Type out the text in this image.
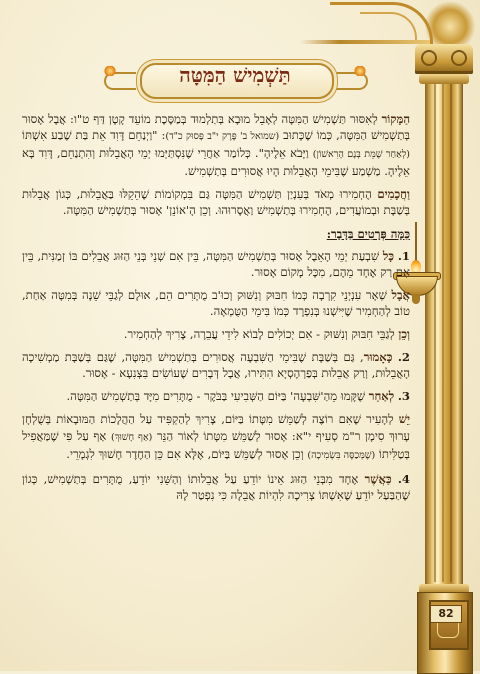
82
תַּשְׁמִישׁ הַמִּטָּה

הַמָּקוֹר לְאִסּוּר תַּשְׁמִישׁ הַמִּטָּה לְאָבֵל מוּבָא בְּתַלְמוּד בְּמַסֶּכֶת מוֹעֵד קָטָן דַּף ט"ו: אֲבָל אָסוּר בְּתַשְׁמִישׁ הַמִּטָּה, כְּמוֹ שֶׁכָּתוּב (שמואל ב' פֶּרֶק י"ב פָּסוּק כ"ד): "וַיְנַחֵם דָּוִד אֵת בַּת שֶׁבַע אִשְׁתּוֹ (לְאַחַר שֶׁמֵּת בְּנָם הָרִאשׁוֹן) וַיָּבֹא אֵלֶיהָ". כְּלוֹמַר אַחֲרֵי שֶׁנִּסְתַּיְּמוּ יְמֵי הָאֲבֵלוּת וְהִתְנַחֵם, דָּוִד בָּא אֵלֶיהָ. מַשְׁמַע שֶׁבִּימֵי הָאֲבֵלוּת הָיוּ אֲסוּרִים בְּתַשְׁמִישׁ.

וַחֲכָמִים הֶחְמִירוּ מְאֹד בְּעִנְיַן תַּשְׁמִישׁ הַמִּטָּה גַּם בִּמְקוֹמוֹת שֶׁהֵקֵלּוּ בַּאֲבֵלוּת, כְּגוֹן אֲבֵלוּת בְּשַׁבָּת וּבְמוֹעֲדִים, הֶחְמִירוּ בְּתַשְׁמִישׁ וַאֲסָרוּהוּ. וְכֵן הָ'אוֹנֵן' אָסוּר בְּתַשְׁמִישׁ הַמִּטָּה.

כַּמָּה פְּרָטִים בַּדָּבָר:

1. כָּל שִׁבְעַת יְמֵי הָאֵבֶל אָסוּר בְּתַשְׁמִישׁ הַמִּטָּה, בֵּין אִם שְׁנֵי בְּנֵי הַזּוּג אֲבֵלִים בּוֹ זְמַנִּית, בֵּין אִם רַק אֶחָד מֵהֶם, מִכָּל מָקוֹם אָסוּר.

אֲבָל שְׁאָר עִנְיְנֵי קִרְבָה כְּמוֹ חִבּוּק וְנִשּׁוּק וְכוּ'ב מֻתָּרִים הֵם, אוּלָם לְגַבֵּי שֵׁנָה בְּמִטָּה אַחַת, טוֹב לְהַחְמִיר שֶׁיִּישְׁנוּ בְּנִפְרָד כְּמוֹ בִּימֵי הַטֻּמְאָה.

וְכֵן לְגַבֵּי חִבּוּק וְנִשּׁוּק - אִם יְכוֹלִים לָבוֹא לִידֵי עֲבֵרָה, צָרִיךְ לְהַחְמִיר.

2. כָּאָמוּר, גַּם בְּשַׁבָּת שֶׁבִּימֵי הַשִּׁבְעָה אֲסוּרִים בְּתַשְׁמִישׁ הַמִּטָּה, שֶׁגַּם בְּשַׁבָּת מַמְשִׁיכָה הָאֲבֵלוּת, וְרַק אֲבֵלוּת בְּפַרְהֶסְיָא הִתִּירוּ, אֲבָל דְּבָרִים שֶׁעוֹשִׂים בִּצְנִעָא - אָסוּר.

3. לְאַחַר שֶׁקָּמוּ מֵהַ'שִּׁבְעָה' בַּיּוֹם הַשְּׁבִיעִי בַּבֹּקֶר - מֻתָּרִים מִיָּד בְּתַשְׁמִישׁ הַמִּטָּה.

יֵשׁ לְהָעִיר שֶׁאִם רוֹצֶה לְשַׁמֵּשׁ מִטָּתוֹ בַּיּוֹם, צָרִיךְ לְהַקְפִּיד עַל הַהֲלָכוֹת הַמּוּבָאוֹת בְּשֻׁלְחָן עָרוּךְ סִימָן ר"מ סְעִיף י"א: אָסוּר לְשַׁמֵּשׁ מִטָּתוֹ לְאוֹר הַנֵּר (אַף חָשׁוּךְ) אַף עַל פִּי שֶׁמַּאֲפִיל בְּטַלִּיתוֹ (שֶׁמְּכַסֶּה בִּשְׂמִיכָה) וְכֵן אָסוּר לְשַׁמֵּשׁ בַּיּוֹם, אֶלָּא אִם כֵּן הַחֶדֶר חָשׁוּךְ לִגְמָרֵי.

4. כַּאֲשֶׁר אֶחָד מִבְּנֵי הַזּוּג אֵינוֹ יוֹדֵעַ עַל אֲבֵלוּתוֹ וְהַשֵּׁנִי יוֹדֵעַ, מֻתָּרִים בְּתַשְׁמִישׁ, כְּגוֹן שֶׁהַבַּעַל יוֹדֵעַ שֶׁאִשְׁתּוֹ צְרִיכָה לִהְיוֹת אֲבֵלָה כִּי נִפְטַר לָהּ
